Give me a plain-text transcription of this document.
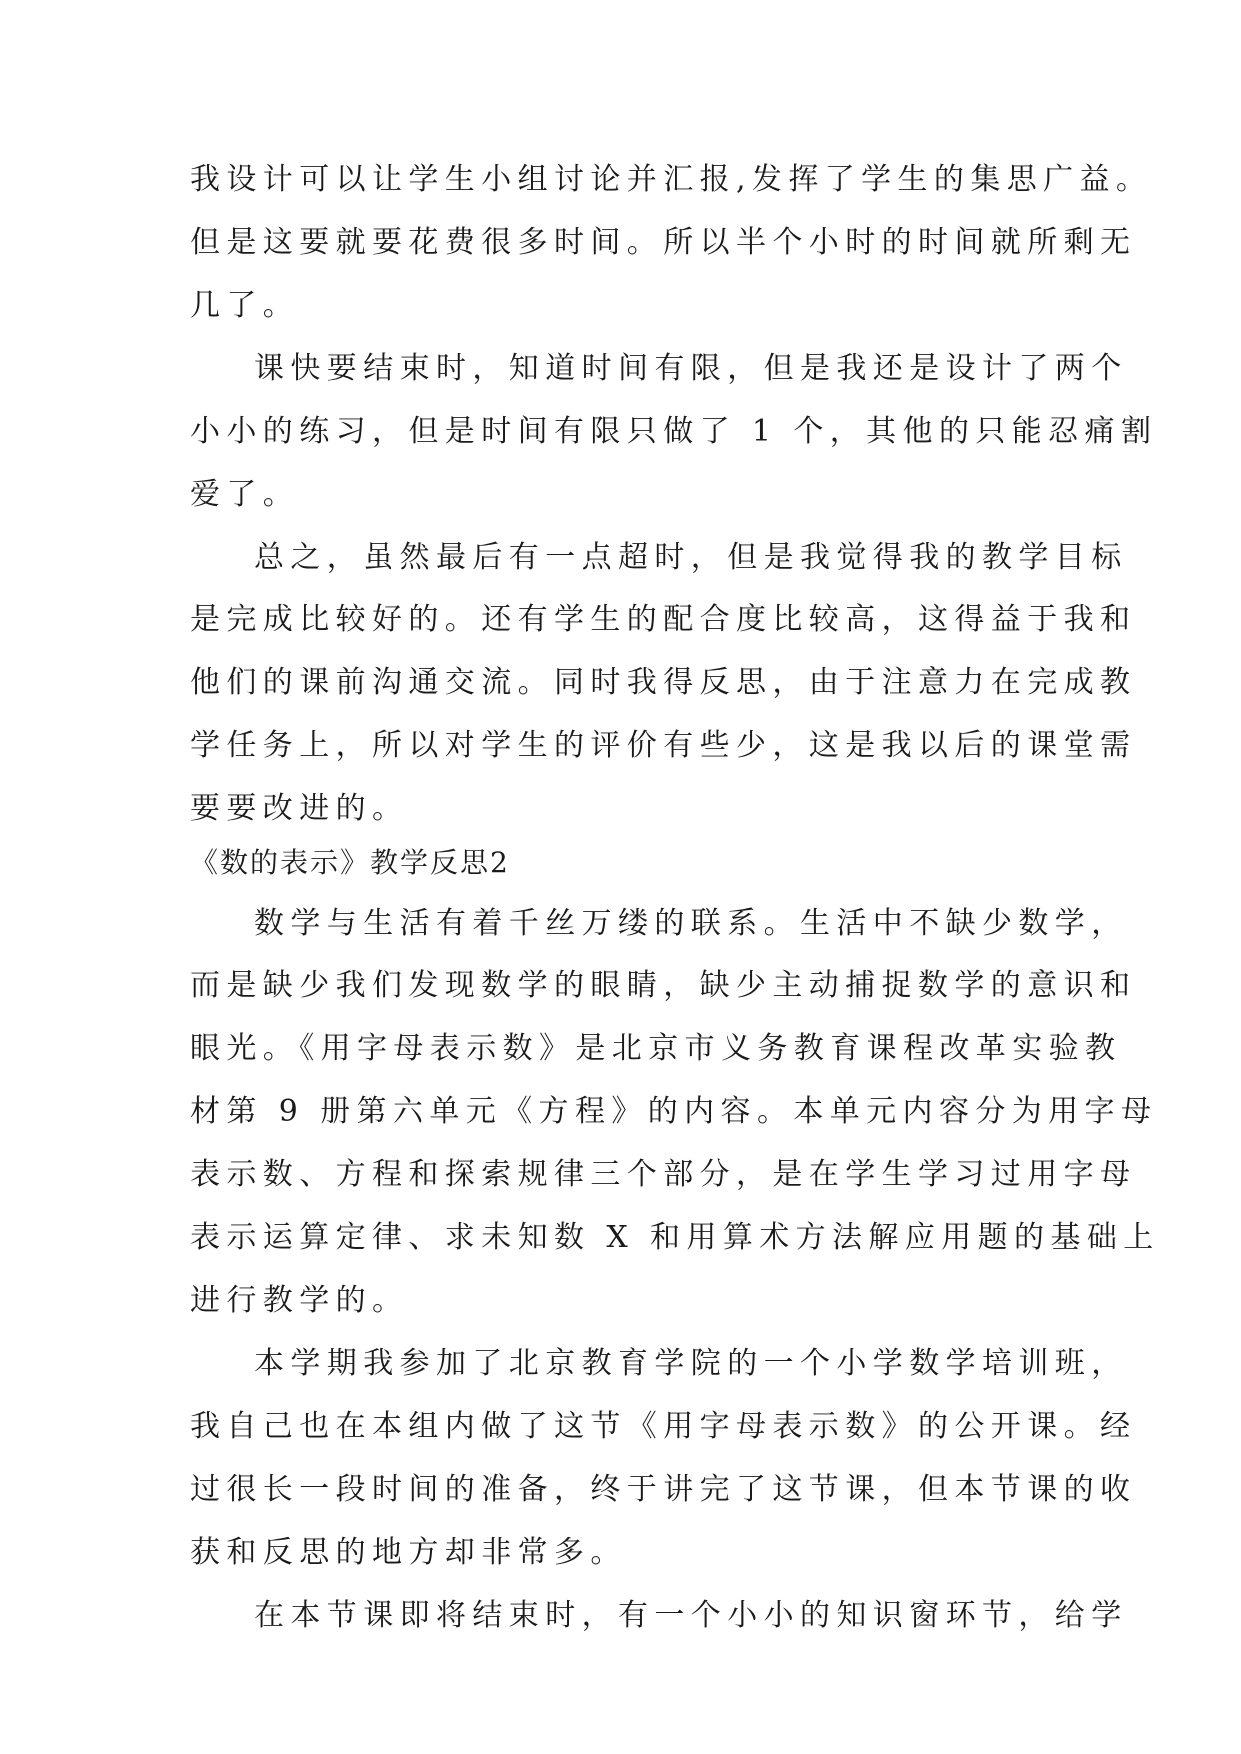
我设计可以让学生小组讨论并汇报,发挥了学生的集思广益。
但是这要就要花费很多时间。所以半个小时的时间就所剩无
几了。
课快要结束时，知道时间有限，但是我还是设计了两个
小小的练习，但是时间有限只做了 1 个，其他的只能忍痛割
爱了。
总之，虽然最后有一点超时，但是我觉得我的教学目标
是完成比较好的。还有学生的配合度比较高，这得益于我和
他们的课前沟通交流。同时我得反思，由于注意力在完成教
学任务上，所以对学生的评价有些少，这是我以后的课堂需
要要改进的。
《数的表示》教学反思2
数学与生活有着千丝万缕的联系。生活中不缺少数学，
而是缺少我们发现数学的眼睛，缺少主动捕捉数学的意识和
眼光。《用字母表示数》是北京市义务教育课程改革实验教
材第 9 册第六单元《方程》的内容。本单元内容分为用字母
表示数、方程和探索规律三个部分，是在学生学习过用字母
表示运算定律、求未知数 X 和用算术方法解应用题的基础上
进行教学的。
本学期我参加了北京教育学院的一个小学数学培训班，
我自己也在本组内做了这节《用字母表示数》的公开课。经
过很长一段时间的准备，终于讲完了这节课，但本节课的收
获和反思的地方却非常多。
在本节课即将结束时，有一个小小的知识窗环节，给学
